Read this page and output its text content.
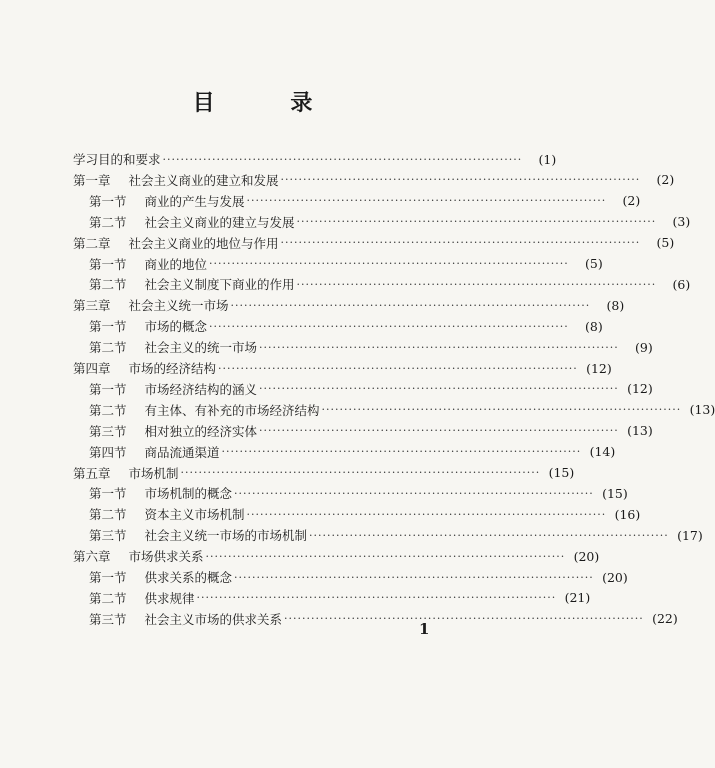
目 录
学习目的和要求 ················································································	(1)
第一章 社会主义商业的建立和发展 ················································································	(2)
第一节 商业的产生与发展 ················································································	(2)
第二节 社会主义商业的建立与发展 ················································································	(3)
第二章 社会主义商业的地位与作用 ················································································	(5)
第一节 商业的地位 ················································································	(5)
第二节 社会主义制度下商业的作用 ················································································	(6)
第三章 社会主义统一市场 ················································································	(8)
第一节 市场的概念 ················································································	(8)
第二节 社会主义的统一市场 ················································································	(9)
第四章 市场的经济结构 ················································································ (12)
第一节 市场经济结构的涵义 ················································································ (12)
第二节 有主体、有补充的市场经济结构 ················································································ (13)
第三节 相对独立的经济实体 ················································································ (13)
第四节 商品流通渠道 ················································································ (14)
第五章 市场机制 ················································································ (15)
第一节 市场机制的概念 ················································································ (15)
第二节 资本主义市场机制 ················································································ (16)
第三节 社会主义统一市场的市场机制 ················································································ (17)
第六章 市场供求关系 ················································································ (20)
第一节 供求关系的概念 ················································································ (20)
第二节 供求规律 ················································································ (21)
第三节 社会主义市场的供求关系 ················································································ (22)
1
